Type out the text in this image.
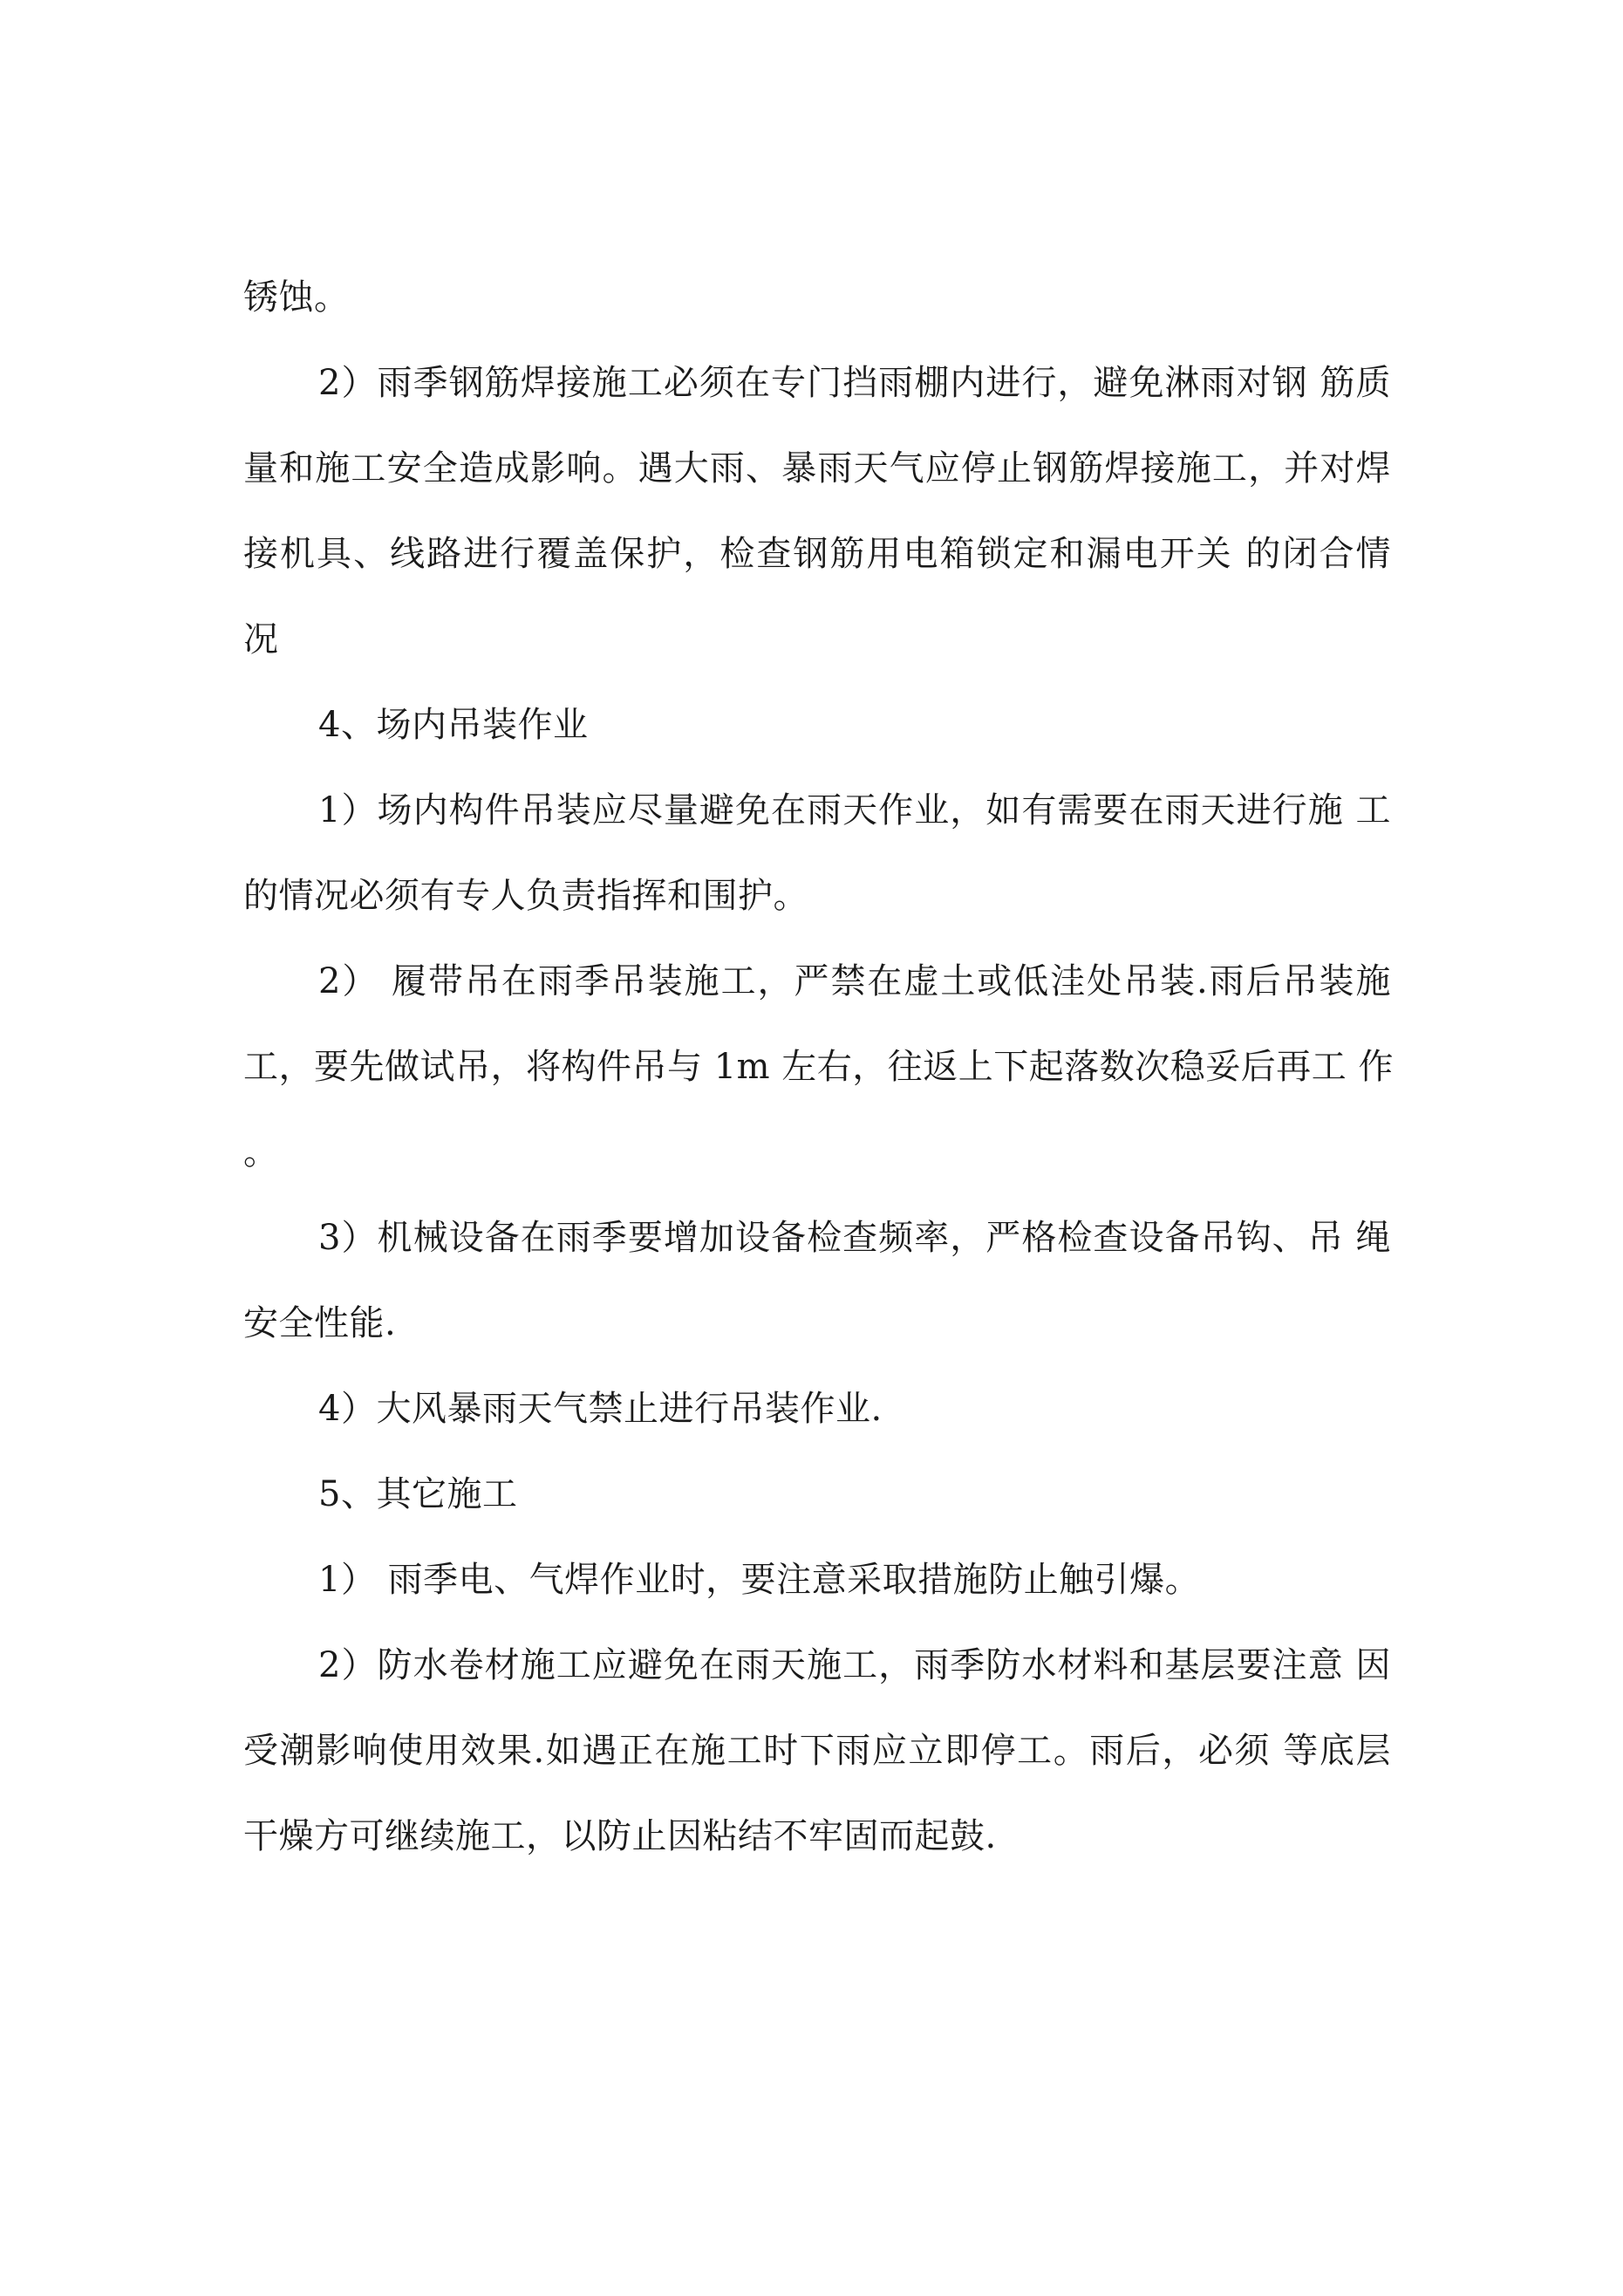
锈蚀。
2）雨季钢筋焊接施工必须在专门挡雨棚内进行，避免淋雨对钢 筋质
量和施工安全造成影响。遇大雨、暴雨天气应停止钢筋焊接施工，并对焊
接机具、线路进行覆盖保护，检查钢筋用电箱锁定和漏电开关 的闭合情
况
4、场内吊装作业
1）场内构件吊装应尽量避免在雨天作业，如有需要在雨天进行施 工
的情况必须有专人负责指挥和围护。
2） 履带吊在雨季吊装施工，严禁在虚土或低洼处吊装.雨后吊装施
工，要先做试吊，将构件吊与 1m 左右，往返上下起落数次稳妥后再工 作
。
3）机械设备在雨季要增加设备检查频率，严格检查设备吊钩、吊 绳
安全性能.
4）大风暴雨天气禁止进行吊装作业.
5、其它施工
1） 雨季电、气焊作业时，要注意采取措施防止触引爆。
2）防水卷材施工应避免在雨天施工，雨季防水材料和基层要注意 因
受潮影响使用效果.如遇正在施工时下雨应立即停工。雨后，必须 等底层
干燥方可继续施工，以防止因粘结不牢固而起鼓.
